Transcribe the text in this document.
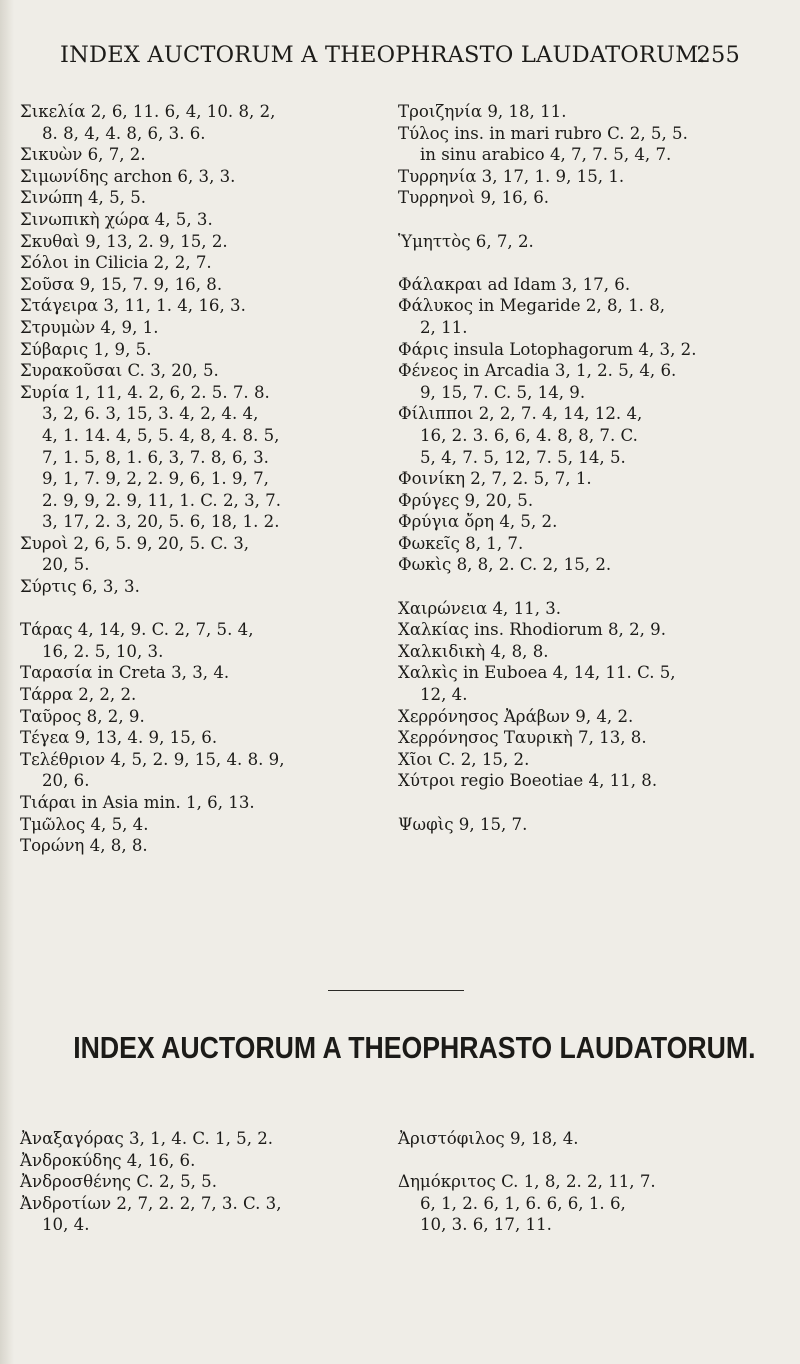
INDEX AUCTORUM A THEOPHRASTO LAUDATORUM.
255
Σικελία 2, 6, 11. 6, 4, 10. 8, 2,
8. 8, 4, 4. 8, 6, 3. 6.
Σικυὼν 6, 7, 2.
Σιμωνίδης archon 6, 3, 3.
Σινώπη 4, 5, 5.
Σινωπικὴ χώρα 4, 5, 3.
Σκυθαὶ 9, 13, 2. 9, 15, 2.
Σόλοι in Cilicia 2, 2, 7.
Σοῦσα 9, 15, 7. 9, 16, 8.
Στάγειρα 3, 11, 1. 4, 16, 3.
Στρυμὼν 4, 9, 1.
Σύβαρις 1, 9, 5.
Συρακοῦσαι C. 3, 20, 5.
Συρία 1, 11, 4. 2, 6, 2. 5. 7. 8.
3, 2, 6. 3, 15, 3. 4, 2, 4. 4,
4, 1. 14. 4, 5, 5. 4, 8, 4. 8. 5,
7, 1. 5, 8, 1. 6, 3, 7. 8, 6, 3.
9, 1, 7. 9, 2, 2. 9, 6, 1. 9, 7,
2. 9, 9, 2. 9, 11, 1. C. 2, 3, 7.
3, 17, 2. 3, 20, 5. 6, 18, 1. 2.
Συροὶ 2, 6, 5. 9, 20, 5. C. 3,
20, 5.
Σύρτις 6, 3, 3.
Τάρας 4, 14, 9. C. 2, 7, 5. 4,
16, 2. 5, 10, 3.
Ταρασία in Creta 3, 3, 4.
Τάρρα 2, 2, 2.
Ταῦρος 8, 2, 9.
Τέγεα 9, 13, 4. 9, 15, 6.
Τελέθριον 4, 5, 2. 9, 15, 4. 8. 9,
20, 6.
Τιάραι in Asia min. 1, 6, 13.
Τμῶλος 4, 5, 4.
Τορώνη 4, 8, 8.
Τροιζηνία 9, 18, 11.
Τύλος ins. in mari rubro C. 2, 5, 5.
in sinu arabico 4, 7, 7. 5, 4, 7.
Τυρρηνία 3, 17, 1. 9, 15, 1.
Τυρρηνοὶ 9, 16, 6.
Ὑμηττὸς 6, 7, 2.
Φάλακραι ad Idam 3, 17, 6.
Φάλυκος in Megaride 2, 8, 1. 8,
2, 11.
Φάρις insula Lotophagorum 4, 3, 2.
Φένεος in Arcadia 3, 1, 2. 5, 4, 6.
9, 15, 7. C. 5, 14, 9.
Φίλιπποι 2, 2, 7. 4, 14, 12. 4,
16, 2. 3. 6, 6, 4. 8, 8, 7. C.
5, 4, 7. 5, 12, 7. 5, 14, 5.
Φοινίκη 2, 7, 2. 5, 7, 1.
Φρύγες 9, 20, 5.
Φρύγια ὄρη 4, 5, 2.
Φωκεῖς 8, 1, 7.
Φωκὶς 8, 8, 2. C. 2, 15, 2.
Χαιρώνεια 4, 11, 3.
Χαλκίας ins. Rhodiorum 8, 2, 9.
Χαλκιδικὴ 4, 8, 8.
Χαλκὶς in Euboea 4, 14, 11. C. 5,
12, 4.
Χερρόνησος Ἀράβων 9, 4, 2.
Χερρόνησος Ταυρικὴ 7, 13, 8.
Χῖοι C. 2, 15, 2.
Χύτροι regio Boeotiae 4, 11, 8.
Ψωφὶς 9, 15, 7.
INDEX AUCTORUM A THEOPHRASTO LAUDATORUM.
Ἀναξαγόρας 3, 1, 4. C. 1, 5, 2.
Ἀνδροκύδης 4, 16, 6.
Ἀνδροσθένης C. 2, 5, 5.
Ἀνδροτίων 2, 7, 2. 2, 7, 3. C. 3,
10, 4.
Ἀριστόφιλος 9, 18, 4.
Δημόκριτος C. 1, 8, 2. 2, 11, 7.
6, 1, 2. 6, 1, 6. 6, 6, 1. 6,
10, 3. 6, 17, 11.
